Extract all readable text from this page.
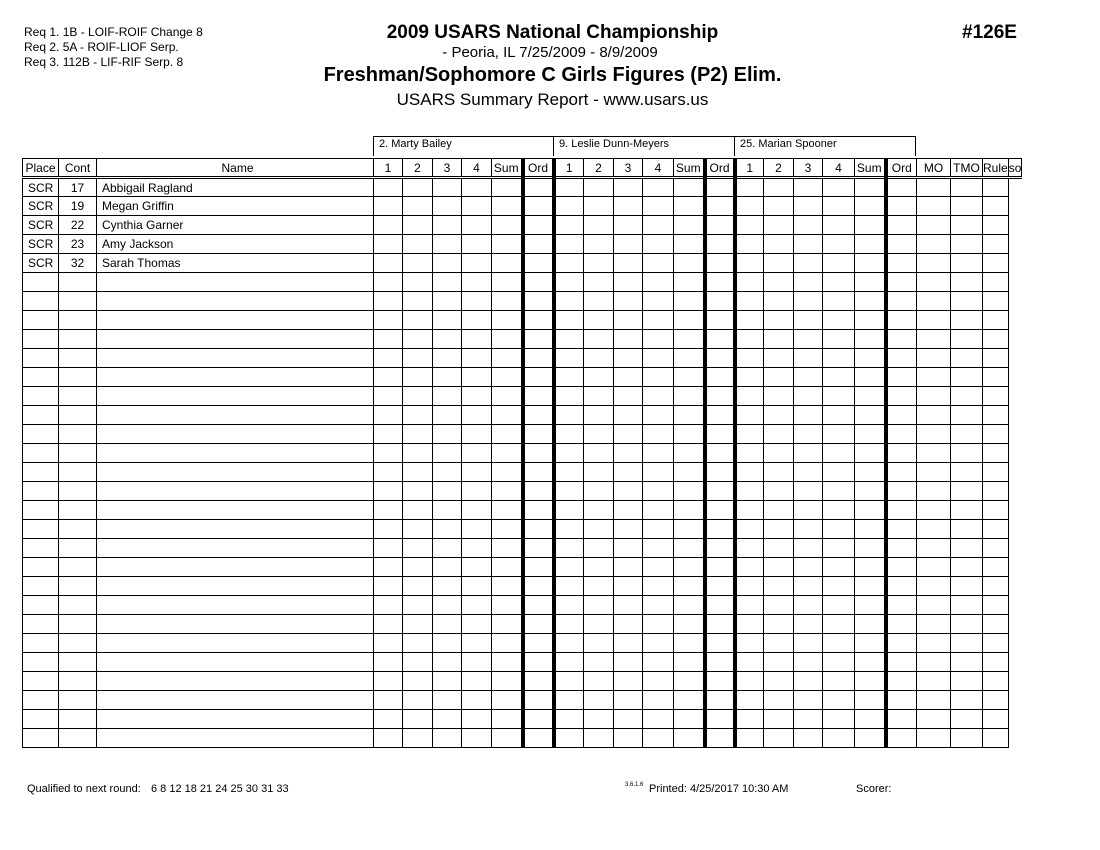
Req 1. 1B - LOIF-ROIF Change 8
Req 2. 5A - ROIF-LIOF Serp.
Req 3. 112B - LIF-RIF Serp. 8
2009 USARS National Championship
- Peoria, IL 7/25/2009 - 8/9/2009
Freshman/Sophomore C Girls Figures (P2) Elim.
USARS Summary Report - www.usars.us
#126E
2. Marty Bailey	9. Leslie Dunn-Meyers	25. Marian Spooner
Place	Cont	Name	1	2	3	4	Sum	Ord	1	2	3	4	Sum	Ord	1	2	3	4	Sum	Ord	MO	TMO	Rule	so
SCR	17	Abbigail Ragland																						
SCR	19	Megan Griffin																						
SCR	22	Cynthia Garner																						
SCR	23	Amy Jackson																						
SCR	32	Sarah Thomas																						

Qualified to next round: 6 8 12 18 21 24 25 30 31 33	3.6.1.6 Printed: 4/25/2017 10:30 AM	Scorer:
